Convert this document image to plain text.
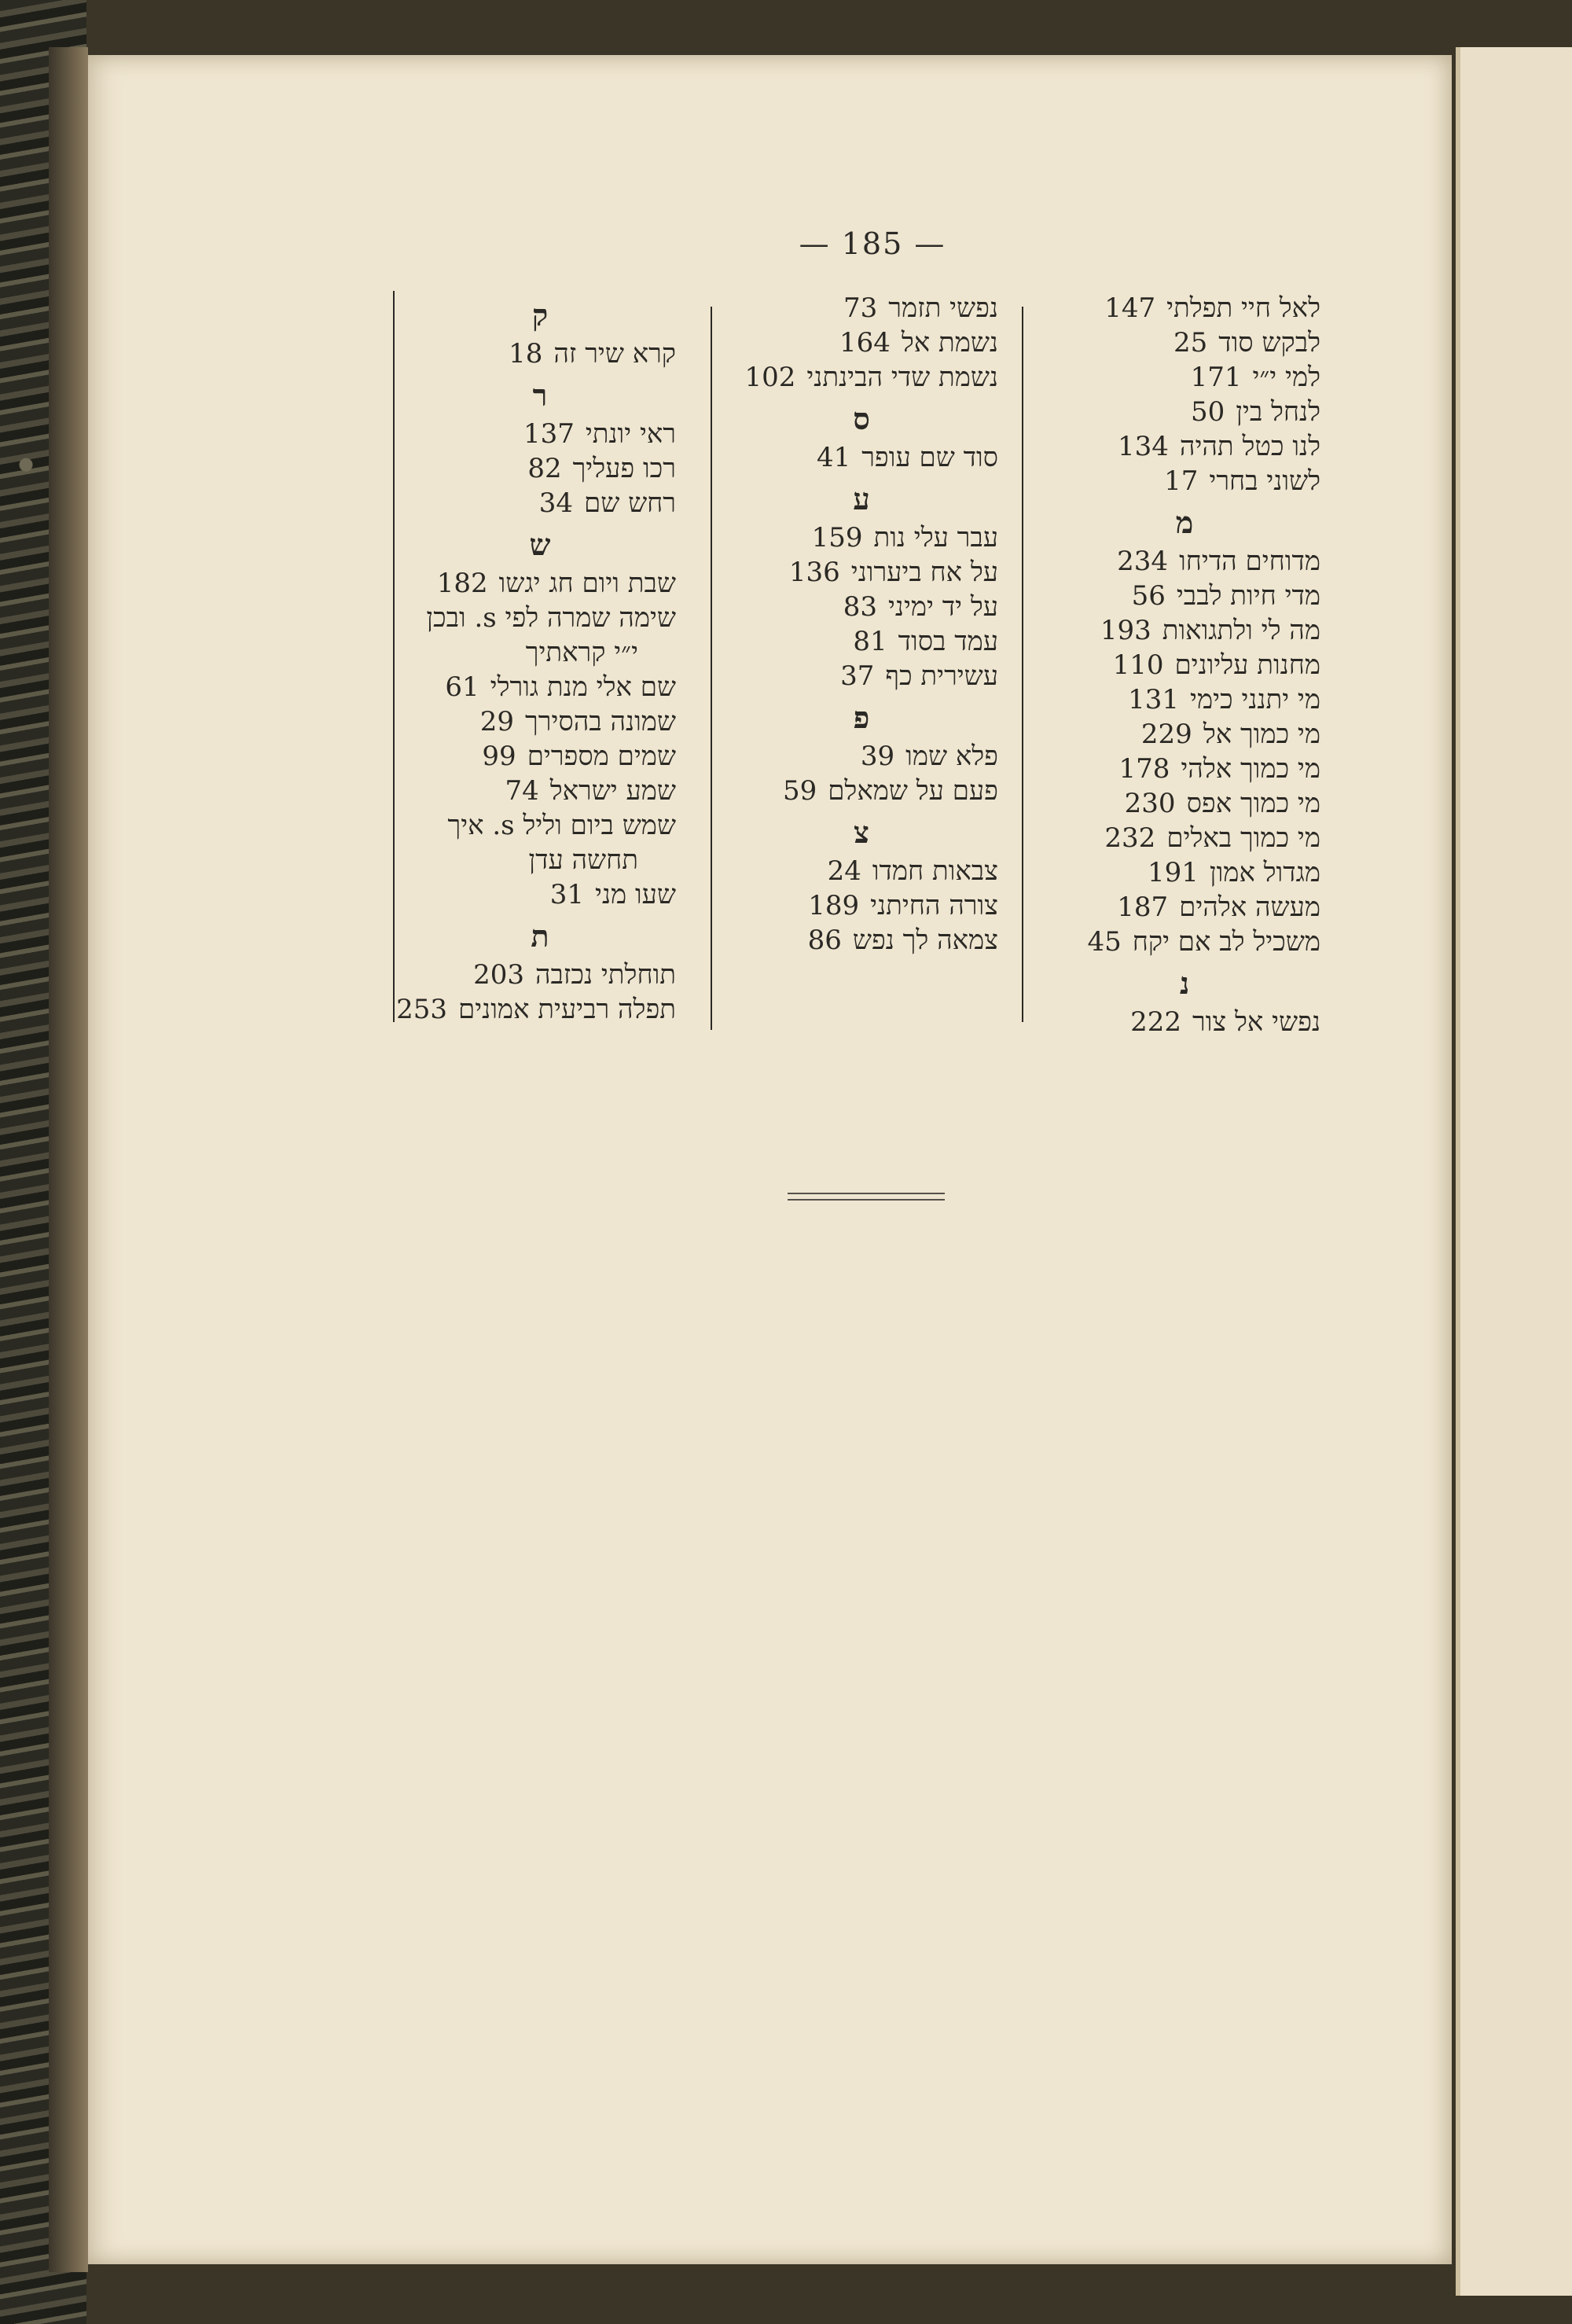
— 185 —
לאל חיי תפלתי147
לבקש סוד25
למי י״י171
לנחל בין50
לנו כטל תהיה134
לשוני בחרי17
מ
מדוחים הדיחו234
מדי חיות לבבי56
מה לי ולתגואות193
מחנות עליונים110
מי יתנני כימי131
מי כמוך אל229
מי כמוך אלהי178
מי כמוך אפס230
מי כמוך באלים232
מגדול אמון191
מעשה אלהים187
משכיל לב אם יקח45
נ
נפשי אל צור222
נפשי תזמר73
נשמת אל164
נשמת שדי הבינתני102
ס
סוד שם עופר41
ע
עבר עלי נות159
על אח ביערוני136
על יד ימיני83
עמד בסוד81
עשירית כף37
פ
פלא שמו39
פעם על שמאלם59
צ
צבאות חמדו24
צורה החיתני189
צמאה לך נפש86
ק
קרא שיר זה18
ר
ראי יונתי137
רכו פעליך82
רחש שם34
ש
שבת ויום חג יגשו182
שימה שמרה לפי s. ובכן
י״י קראתיך
שם אלי מנת גורלי61
שמונה בהסירך29
שמים מספרים99
שמע ישראל74
שמש ביום וליל s. איך
תחשה עדן
שעו מני31
ת
תוחלתי נכזבה203
תפלה רביעית אמונים253
